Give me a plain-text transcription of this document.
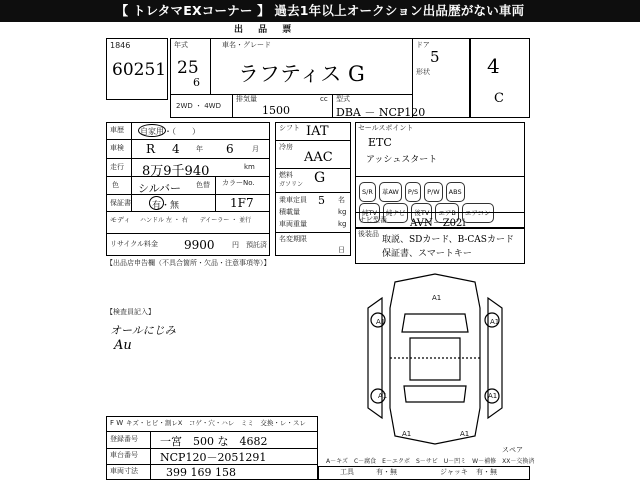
【 トレタマEXコーナー 】 過去1年以上オークション出品歴がない車両
出 品 票
1846
60251
年式
25
6
車名・グレード
ラフティス G
ドア
5
形状
2WD ・ 4WD
排気量
1500
cc 型式
DBA － NCP120
4
C
車歴 自家用・（　　）
車検 R 4 年 6	月
走行 8万9千940	km
色 シルバー 色替 カラーNo.
1F7
保証書 有・無
モディ ハンドル 左 ・ 右　　デイーラー ・ 並行
リサイクル料金 9900 円 預託済
シフト IAT
冷房
AAC
燃料 G
ガソリン
乗車定員 5 名
積載量	kg
車両重量	kg
名変期限
日
セールスポイント
ETC
アッシュスタート
S/R 革AW P/S P/W ABS
純TV 純ナビ 後TV エアB エアコン
ナビ型番 AVN－Z02i
後装品
取説、SDカード、B-CASカード
保証書、スマートキー
【出品店申告欄（不具合箇所・欠品・注意事項等）】
【検査員記入】
オールにじみ
Au
A1
A1	A1
A1	A1
A1	A1
スペア
F W キズ・ヒビ・割レX　コゲ・穴・ハレ　ミミ　交換・レ・スレ
登録番号 一宮　500 な　4682
車台番号 NCP120－2051291
車両寸法	399 169 158
A－キズ　C－腐食　E－エクボ　S－サビ　U－凹ミ　W－補修　XX－交換済
工具	有・無	ジャッキ 有・無
